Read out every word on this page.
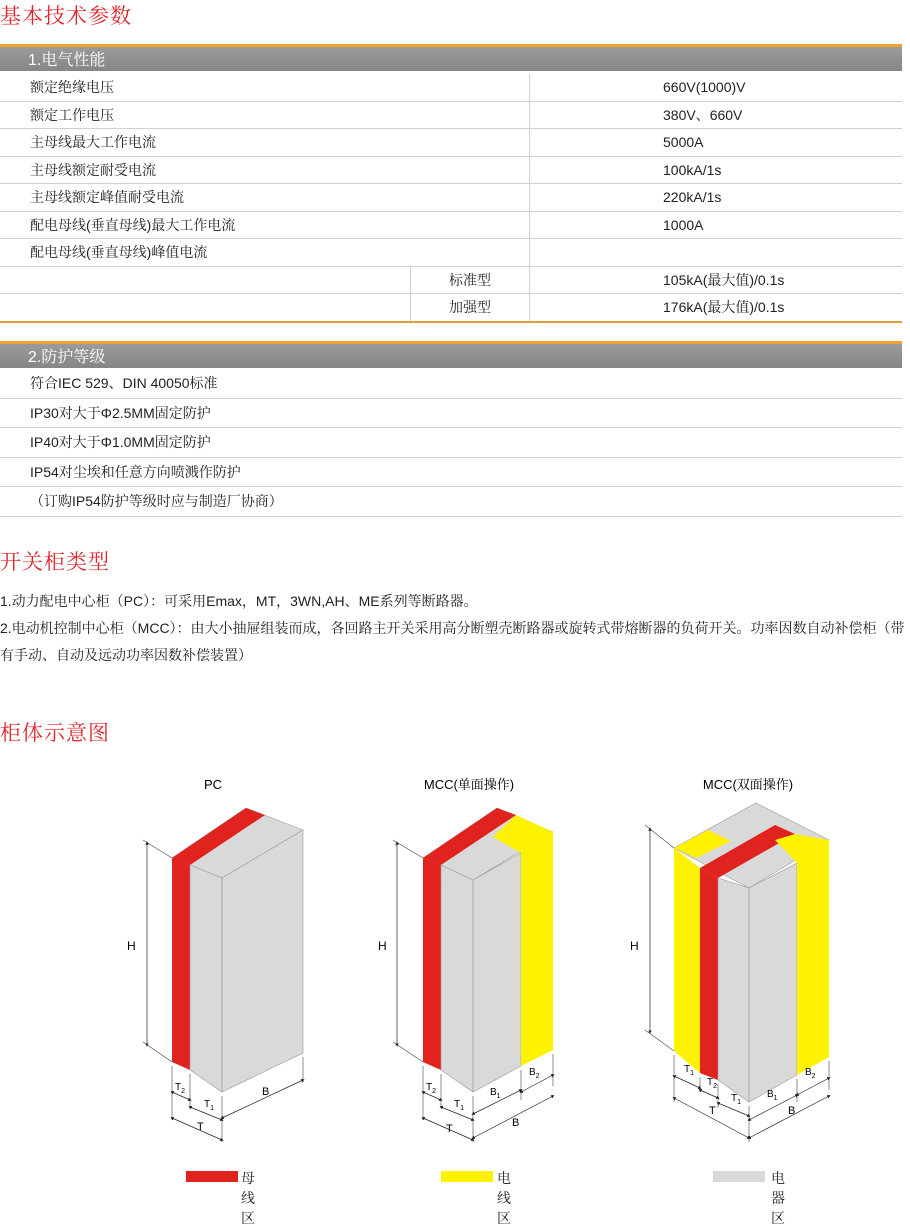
基本技术参数
1.电气性能
额定绝缘电压		660V(1000)V
额定工作电压		380V、660V
主母线最大工作电流		5000A
主母线额定耐受电流		100kA/1s
主母线额定峰值耐受电流		220kA/1s
配电母线(垂直母线)最大工作电流		1000A
配电母线(垂直母线)峰值电流		
	标准型	105kA(最大值)/0.1s
	加强型	176kA(最大值)/0.1s
2.防护等级
符合IEC 529、DIN 40050标准
IP30对大于Φ2.5MM固定防护
IP40对大于Φ1.0MM固定防护
IP54对尘埃和任意方向喷溅作防护
（订购IP54防护等级时应与制造厂协商）
开关柜类型
1.动力配电中心柜（PC）：可采用Emax，MT，3WN,AH、ME系列等断路器。
2.电动机控制中心柜（MCC）：由大小抽屉组装而成，各回路主开关采用高分断塑壳断路器或旋转式带熔断器的负荷开关。功率因数自动补偿柜（带有手动、自动及远动功率因数补偿装置）
柜体示意图
PC
H
$T_2$
$T_1$
T
B
MCC(单面操作)
H
$T_2$
$T_1$
T
$B_1$
$B_2$
B
MCC(双面操作)
H
$T_1$
$T_2$
$T_1$
T
$B_1$
$B_2$
B
母线区
电线区
电器区
